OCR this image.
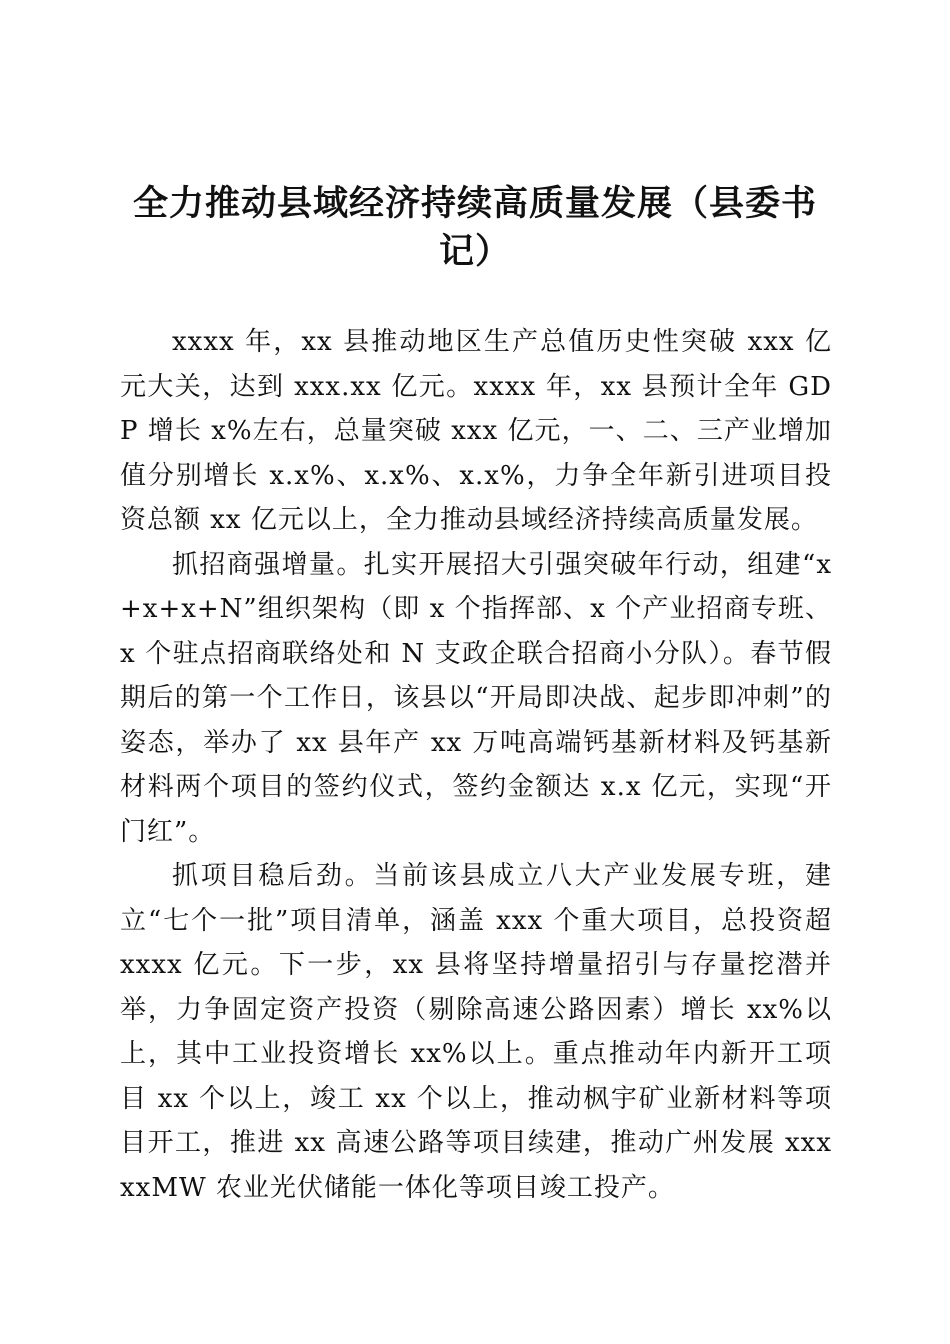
全力推动县域经济持续高质量发展（县委书记）

xxxx 年，xx 县推动地区生产总值历史性突破 xxx 亿元大关，达到 xxx.xx 亿元。xxxx 年，xx 县预计全年 GDP 增长 x%左右，总量突破 xxx 亿元，一、二、三产业增加值分别增长 x.x%、x.x%、x.x%，力争全年新引进项目投资总额 xx 亿元以上，全力推动县域经济持续高质量发展。

抓招商强增量。扎实开展招大引强突破年行动，组建“x+x+x+N”组织架构（即 x 个指挥部、x 个产业招商专班、x 个驻点招商联络处和 N 支政企联合招商小分队）。春节假期后的第一个工作日，该县以“开局即决战、起步即冲刺”的姿态，举办了 xx 县年产 xx 万吨高端钙基新材料及钙基新材料两个项目的签约仪式，签约金额达 x.x 亿元，实现“开门红”。

抓项目稳后劲。当前该县成立八大产业发展专班，建立“七个一批”项目清单，涵盖 xxx 个重大项目，总投资超 xxxx 亿元。下一步，xx 县将坚持增量招引与存量挖潜并举，力争固定资产投资（剔除高速公路因素）增长 xx%以上，其中工业投资增长 xx%以上。重点推动年内新开工项目 xx 个以上，竣工 xx 个以上，推动枫宇矿业新材料等项目开工，推进 xx 高速公路等项目续建，推动广州发展 xxxxxMW 农业光伏储能一体化等项目竣工投产。
